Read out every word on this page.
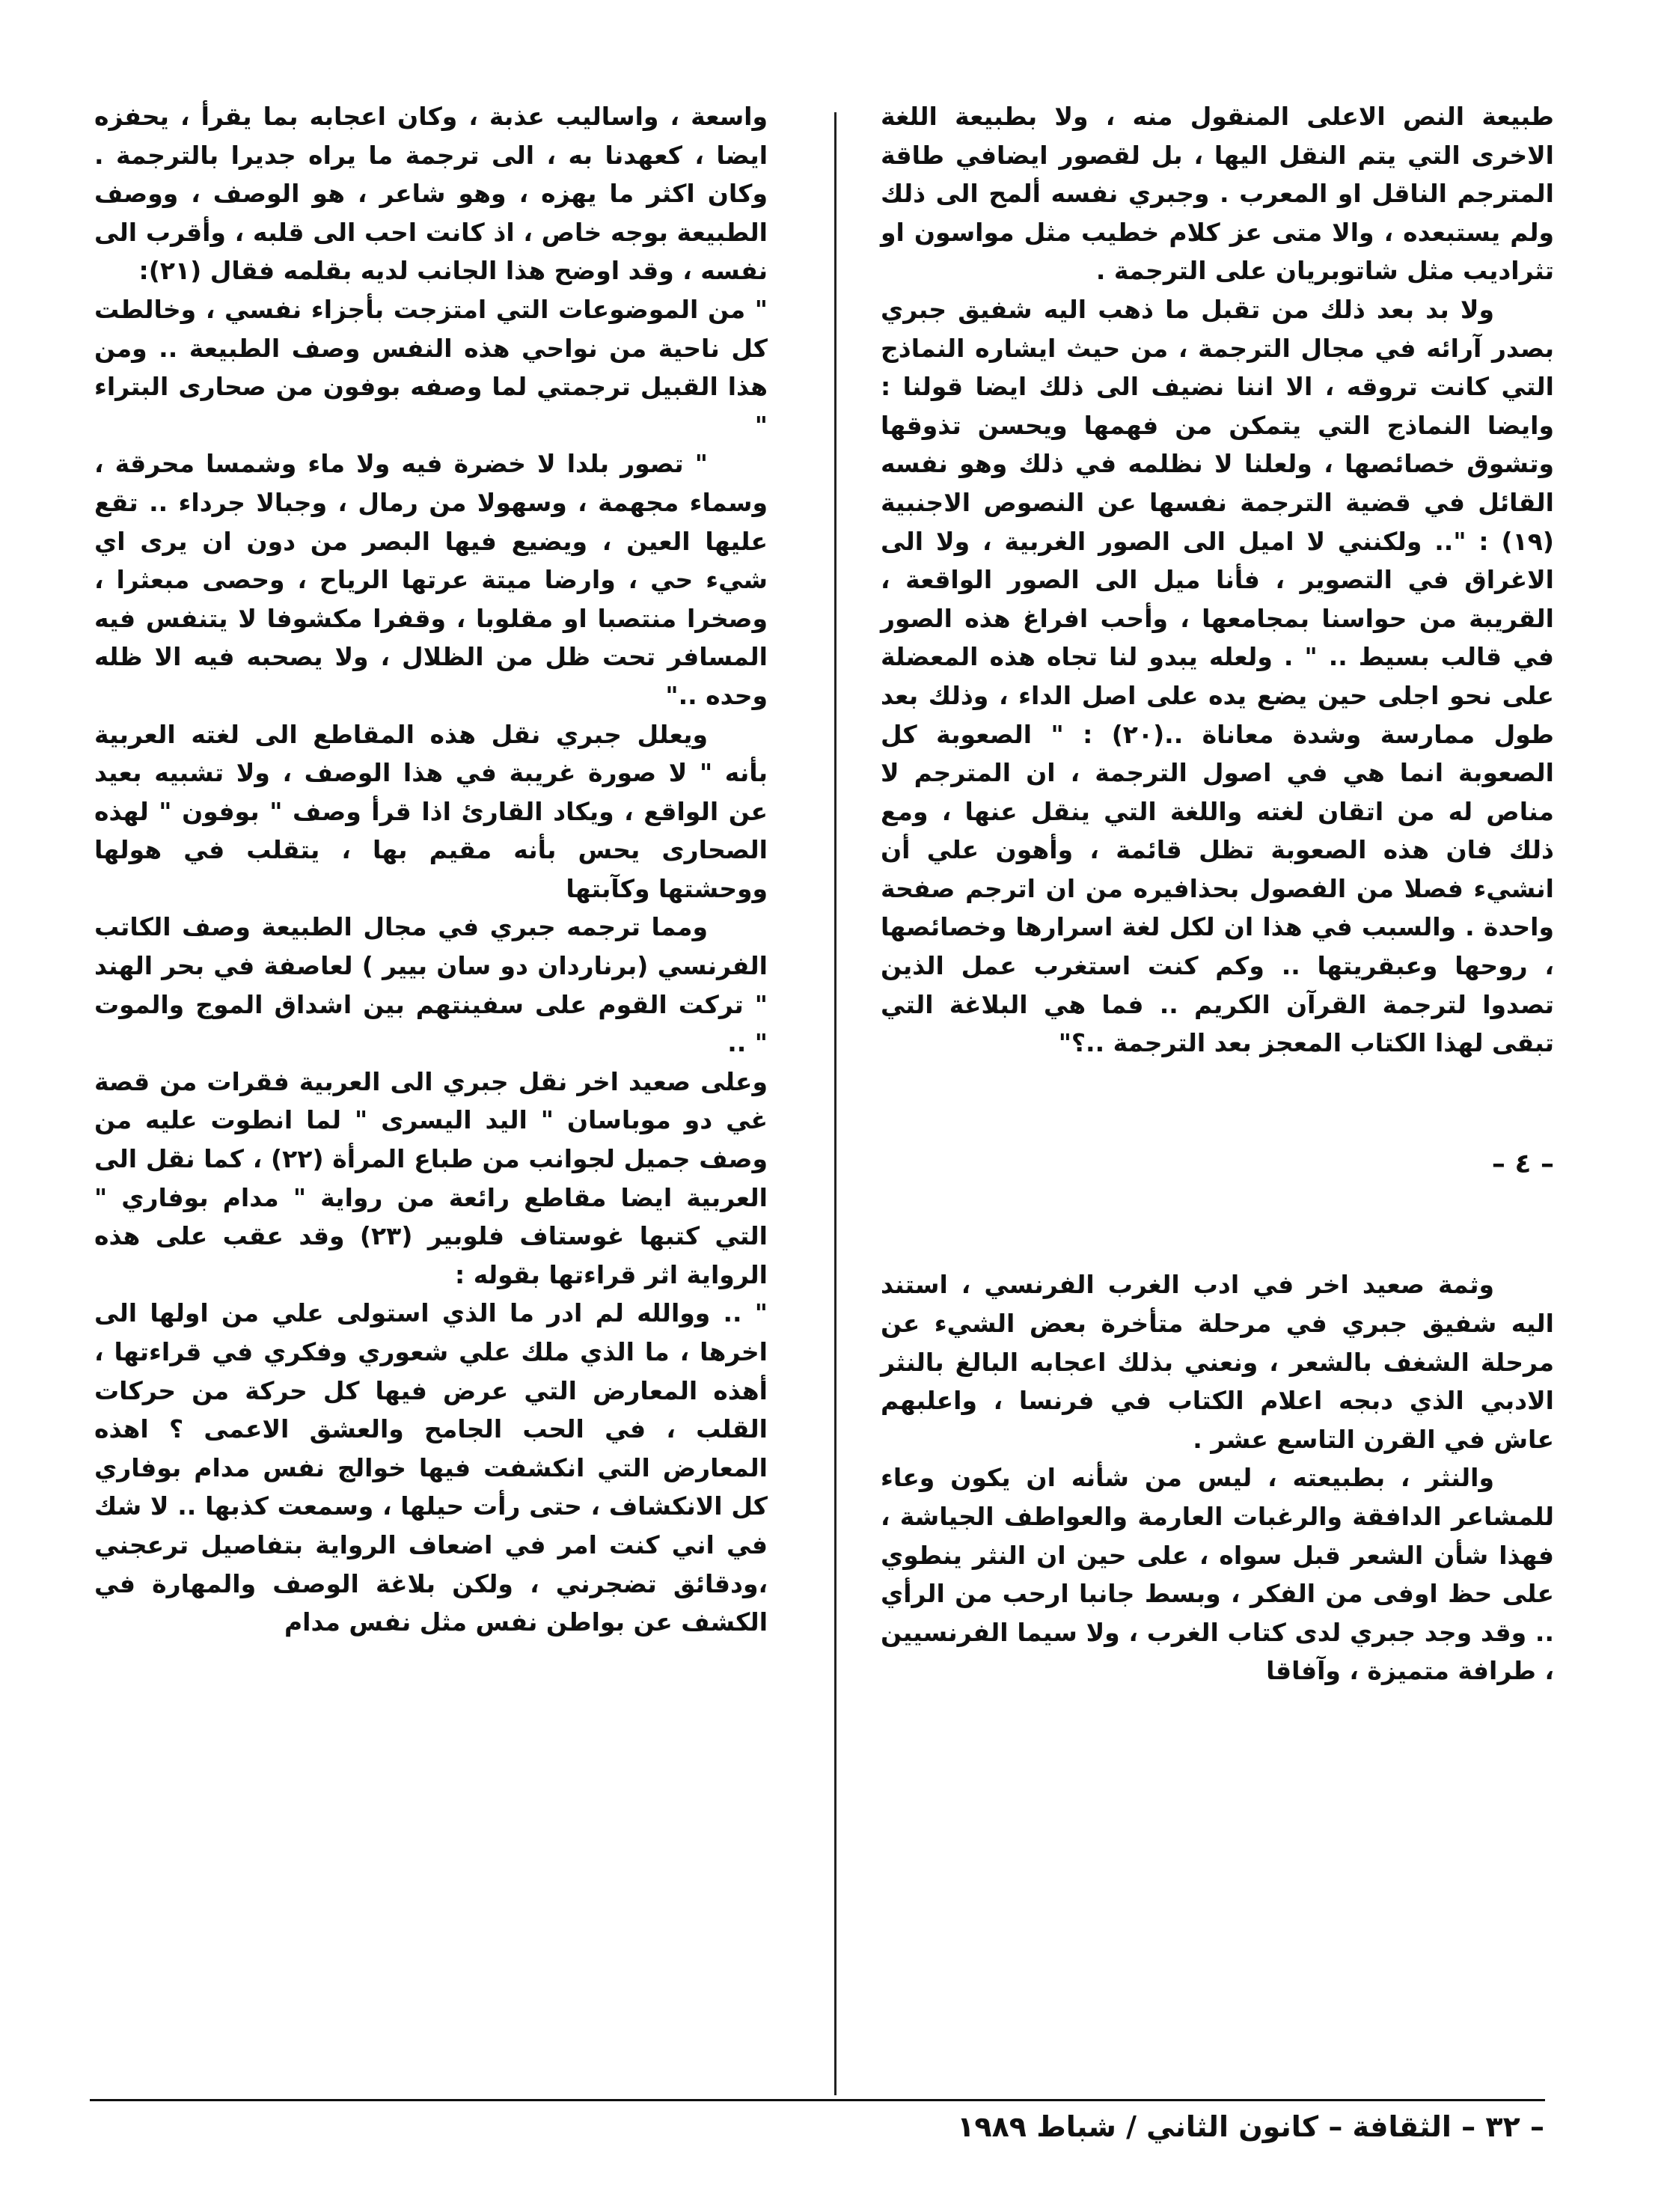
طبيعة النص الاعلى المنقول منه ، ولا بطبيعة اللغة الاخرى التي يتم النقل اليها ، بل لقصور ايضافي طاقة المترجم الناقل او المعرب . وجبري نفسه ألمح الى ذلك ولم يستبعده ، والا متى عز كلام خطيب مثل مواسون او تثراديب مثل شاتوبريان على الترجمة .

ولا بد بعد ذلك من تقبل ما ذهب اليه شفيق جبري بصدر آرائه في مجال الترجمة ، من حيث ايشاره النماذج التي كانت تروقه ، الا اننا نضيف الى ذلك ايضا قولنا : وايضا النماذج التي يتمكن من فهمها ويحسن تذوقها وتشوق خصائصها ، ولعلنا لا نظلمه في ذلك وهو نفسه القائل في قضية الترجمة نفسها عن النصوص الاجنبية (١٩) : ".. ولكنني لا اميل الى الصور الغربية ، ولا الى الاغراق في التصوير ، فأنا ميل الى الصور الواقعة ، القريبة من حواسنا بمجامعها ، وأحب افراغ هذه الصور في قالب بسيط .. " . ولعله يبدو لنا تجاه هذه المعضلة على نحو اجلى حين يضع يده على اصل الداء ، وذلك بعد طول ممارسة وشدة معاناة ..(٢٠) : " الصعوبة كل الصعوبة انما هي في اصول الترجمة ، ان المترجم لا مناص له من اتقان لغته واللغة التي ينقل عنها ، ومع ذلك فان هذه الصعوبة تظل قائمة ، وأهون علي أن انشيء فصلا من الفصول بحذافيره من ان اترجم صفحة واحدة . والسبب في هذا ان لكل لغة اسرارها وخصائصها ، روحها وعبقريتها .. وكم كنت استغرب عمل الذين تصدوا لترجمة القرآن الكريم .. فما هي البلاغة التي تبقى لهذا الكتاب المعجز بعد الترجمة ..؟"

– ٤ –

وثمة صعيد اخر في ادب الغرب الفرنسي ، استند اليه شفيق جبري في مرحلة متأخرة بعض الشيء عن مرحلة الشغف بالشعر ، ونعني بذلك اعجابه البالغ بالنثر الادبي الذي دبجه اعلام الكتاب في فرنسا ، واعلبهم عاش في القرن التاسع عشر .

والنثر ، بطبيعته ، ليس من شأنه ان يكون وعاء للمشاعر الدافقة والرغبات العارمة والعواطف الجياشة ، فهذا شأن الشعر قبل سواه ، على حين ان النثر ينطوي على حظ اوفى من الفكر ، وبسط جانبا ارحب من الرأي .. وقد وجد جبري لدى كتاب الغرب ، ولا سيما الفرنسيين ، طرافة متميزة ، وآفاقا

واسعة ، واساليب عذبة ، وكان اعجابه بما يقرأ ، يحفزه ايضا ، كعهدنا به ، الى ترجمة ما يراه جديرا بالترجمة . وكان اكثر ما يهزه ، وهو شاعر ، هو الوصف ، ووصف الطبيعة بوجه خاص ، اذ كانت احب الى قلبه ، وأقرب الى نفسه ، وقد اوضح هذا الجانب لديه بقلمه فقال (٢١):

" من الموضوعات التي امتزجت بأجزاء نفسي ، وخالطت كل ناحية من نواحي هذه النفس وصف الطبيعة .. ومن هذا القبيل ترجمتي لما وصفه بوفون من صحارى البتراء "

" تصور بلدا لا خضرة فيه ولا ماء وشمسا محرقة ، وسماء مجهمة ، وسهولا من رمال ، وجبالا جرداء .. تقع عليها العين ، ويضيع فيها البصر من دون ان يرى اي شيء حي ، وارضا ميتة عرتها الرياح ، وحصى مبعثرا ، وصخرا منتصبا او مقلوبا ، وقفرا مكشوفا لا يتنفس فيه المسافر تحت ظل من الظلال ، ولا يصحبه فيه الا ظله وحده .."

ويعلل جبري نقل هذه المقاطع الى لغته العربية بأنه " لا صورة غريبة في هذا الوصف ، ولا تشبيه بعيد عن الواقع ، ويكاد القارئ اذا قرأ وصف " بوفون " لهذه الصحارى يحس بأنه مقيم بها ، يتقلب في هولها ووحشتها وكآبتها

ومما ترجمه جبري في مجال الطبيعة وصف الكاتب الفرنسي (برناردان دو سان بيير ) لعاصفة في بحر الهند " تركت القوم على سفينتهم بين اشداق الموج والموت " ..

وعلى صعيد اخر نقل جبري الى العربية فقرات من قصة غي دو موباسان " اليد اليسرى " لما انطوت عليه من وصف جميل لجوانب من طباع المرأة (٢٢) ، كما نقل الى العربية ايضا مقاطع رائعة من رواية " مدام بوفاري " التي كتبها غوستاف فلوبير (٢٣) وقد عقب على هذه الرواية اثر قراءتها بقوله :

" .. ووالله لم ادر ما الذي استولى علي من اولها الى اخرها ، ما الذي ملك علي شعوري وفكري في قراءتها ، أهذه المعارض التي عرض فيها كل حركة من حركات القلب ، في الحب الجامح والعشق الاعمى ؟ اهذه المعارض التي انكشفت فيها خوالج نفس مدام بوفاري كل الانكشاف ، حتى رأت حيلها ، وسمعت كذبها .. لا شك في اني كنت امر في اضعاف الرواية بتفاصيل ترعجني ،ودقائق تضجرني ، ولكن بلاغة الوصف والمهارة في الكشف عن بواطن نفس مثل نفس مدام

– ٣٢ – الثقافة – كانون الثاني / شباط ١٩٨٩
